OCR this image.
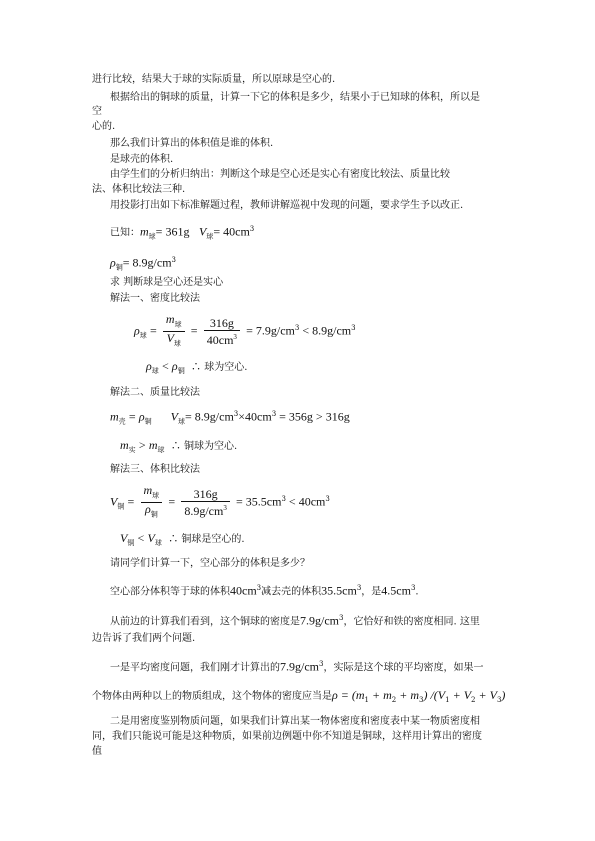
进行比较，结果大于球的实际质量，所以原球是空心的.
根据给出的铜球的质量，计算一下它的体积是多少，结果小于已知球的体积，所以是
空
心的.
那么我们计算出的体积值是谁的体积.
是球壳的体积.
由学生们的分析归纳出：判断这个球是空心还是实心有密度比较法、质量比较
法、体积比较法三种.
用投影打出如下标准解题过程，教师讲解巡视中发现的问题，要求学生予以改正.
已知：$m_球= 361g$ $V_球= 40cm^3$
$\rho_铜= 8.9g/cm^3$
求 判断球是空心还是实心
解法一、密度比较法
$\rho_球 = \frac{m_球}{V_球} = \frac{316g}{40cm^3} = 7.9g/cm^3 < 8.9g/cm^3$
$\rho_球 < \rho_铜$ ∴ 球为空心.
解法二、质量比较法
$m_壳 = \rho_铜$ $V_球= 8.9g/cm^3\times 40cm^3 = 356g > 316g$
$m_实 > m_球$ ∴ 铜球为空心.
解法三、体积比较法
$V_铜 = \frac{m_球}{\rho_铜} = \frac{316g}{8.9g/cm^3} = 35.5cm^3 < 40cm^3$
$V_铜 < V_球$ ∴ 铜球是空心的.
请同学们计算一下，空心部分的体积是多少？
空心部分体积等于球的体积$40cm^3$减去壳的体积$35.5cm^3$，是$4.5cm^3$.
从前边的计算我们看到，这个铜球的密度是$7.9g/cm^3$，它恰好和铁的密度相同. 这里
边告诉了我们两个问题.
一是平均密度问题，我们刚才计算出的$7.9g/cm^3$，实际是这个球的平均密度，如果一
个物体由两种以上的物质组成，这个物体的密度应当是$\rho = (m_1 + m_2 + m_3) /(V_1 + V_2 + V_3)$
二是用密度鉴别物质问题，如果我们计算出某一物体密度和密度表中某一物质密度相
同，我们只能说可能是这种物质，如果前边例题中你不知道是铜球，这样用计算出的密度
值
